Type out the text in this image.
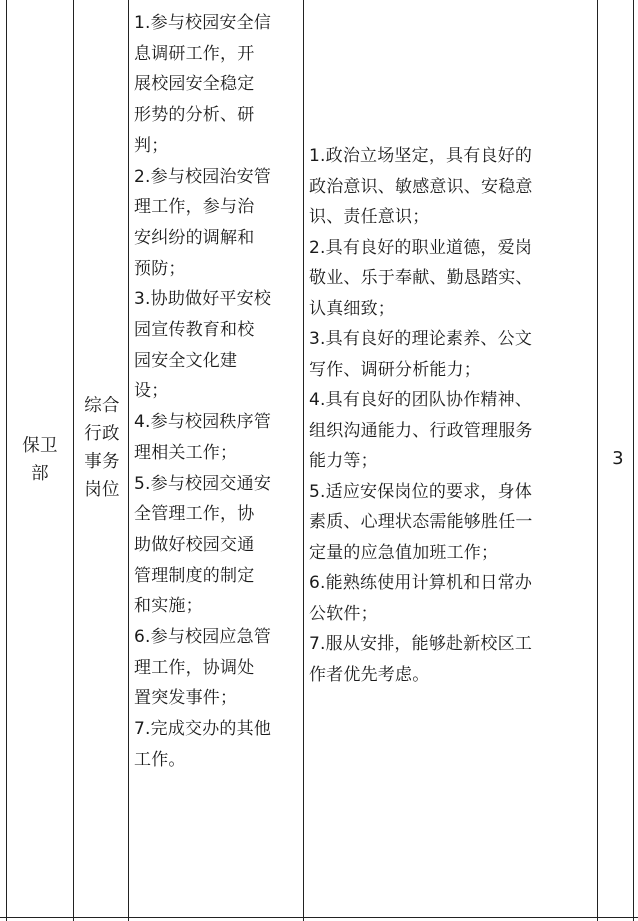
保卫
部
综合
行政
事务
岗位
1.参与校园安全信
息调研工作，开
展校园安全稳定
形势的分析、研
判；
2.参与校园治安管
理工作，参与治
安纠纷的调解和
预防；
3.协助做好平安校
园宣传教育和校
园安全文化建
设；
4.参与校园秩序管
理相关工作；
5.参与校园交通安
全管理工作，协
助做好校园交通
管理制度的制定
和实施；
6.参与校园应急管
理工作，协调处
置突发事件；
7.完成交办的其他
工作。
1.政治立场坚定，具有良好的
政治意识、敏感意识、安稳意
识、责任意识；
2.具有良好的职业道德，爱岗
敬业、乐于奉献、勤恳踏实、
认真细致；
3.具有良好的理论素养、公文
写作、调研分析能力；
4.具有良好的团队协作精神、
组织沟通能力、行政管理服务
能力等；
5.适应安保岗位的要求，身体
素质、心理状态需能够胜任一
定量的应急值加班工作；
6.能熟练使用计算机和日常办
公软件；
7.服从安排，能够赴新校区工
作者优先考虑。
3
